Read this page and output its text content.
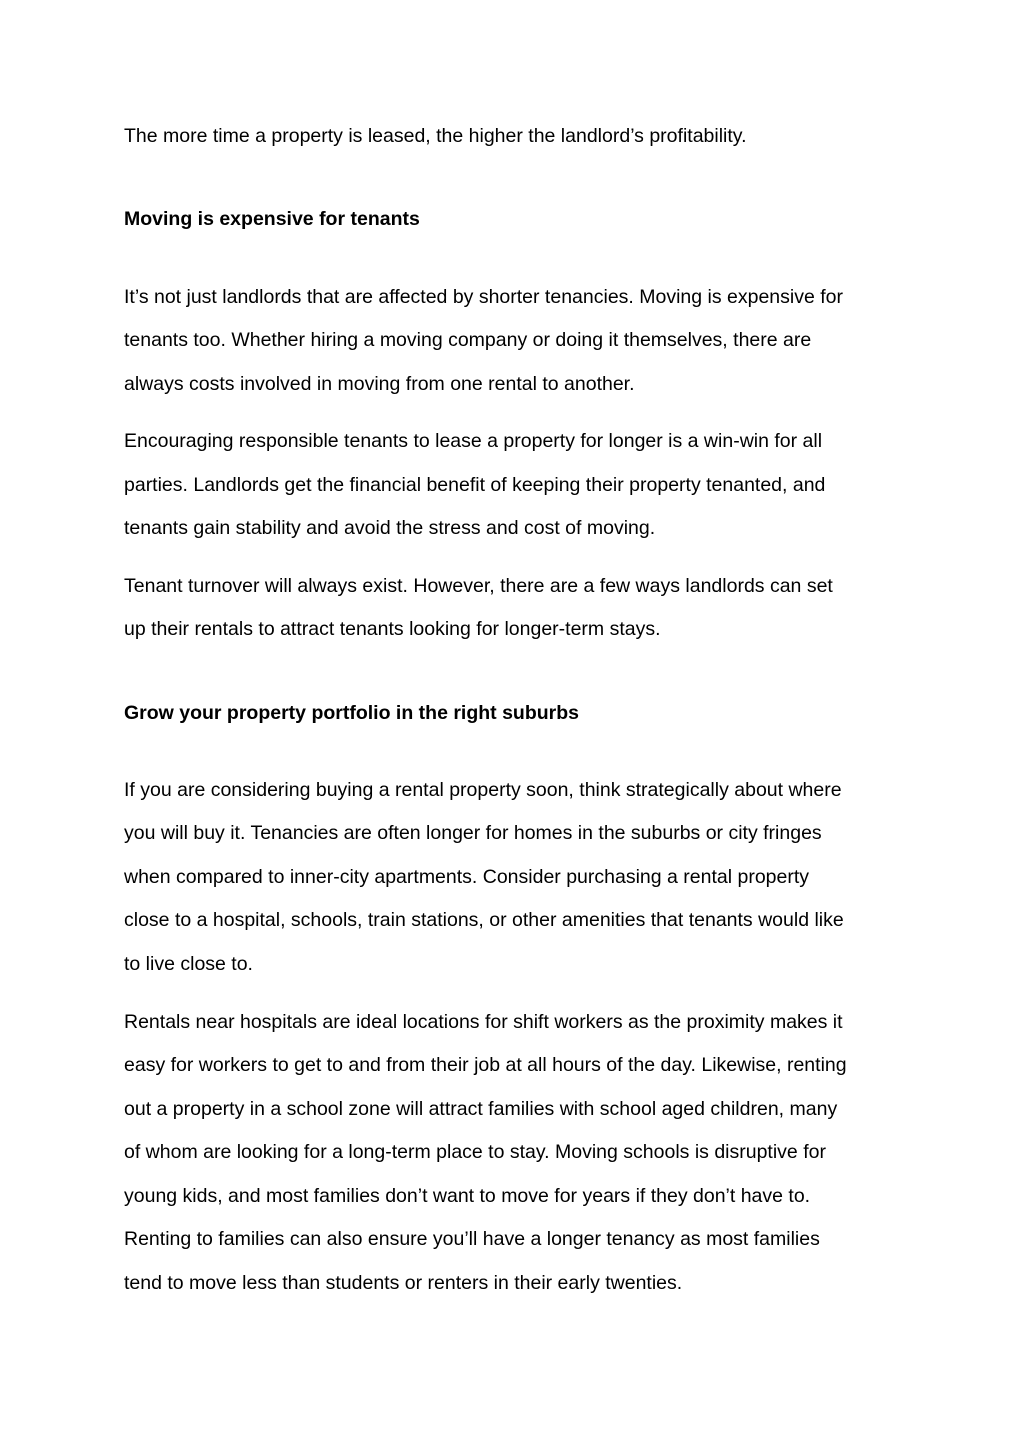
The more time a property is leased, the higher the landlord’s profitability.
Moving is expensive for tenants
It’s not just landlords that are affected by shorter tenancies. Moving is expensive for
tenants too. Whether hiring a moving company or doing it themselves, there are
always costs involved in moving from one rental to another.
Encouraging responsible tenants to lease a property for longer is a win-win for all
parties. Landlords get the financial benefit of keeping their property tenanted, and
tenants gain stability and avoid the stress and cost of moving.
Tenant turnover will always exist. However, there are a few ways landlords can set
up their rentals to attract tenants looking for longer-term stays.
Grow your property portfolio in the right suburbs
If you are considering buying a rental property soon, think strategically about where
you will buy it. Tenancies are often longer for homes in the suburbs or city fringes
when compared to inner-city apartments. Consider purchasing a rental property
close to a hospital, schools, train stations, or other amenities that tenants would like
to live close to.
Rentals near hospitals are ideal locations for shift workers as the proximity makes it
easy for workers to get to and from their job at all hours of the day. Likewise, renting
out a property in a school zone will attract families with school aged children, many
of whom are looking for a long-term place to stay. Moving schools is disruptive for
young kids, and most families don’t want to move for years if they don’t have to.
Renting to families can also ensure you’ll have a longer tenancy as most families
tend to move less than students or renters in their early twenties.
